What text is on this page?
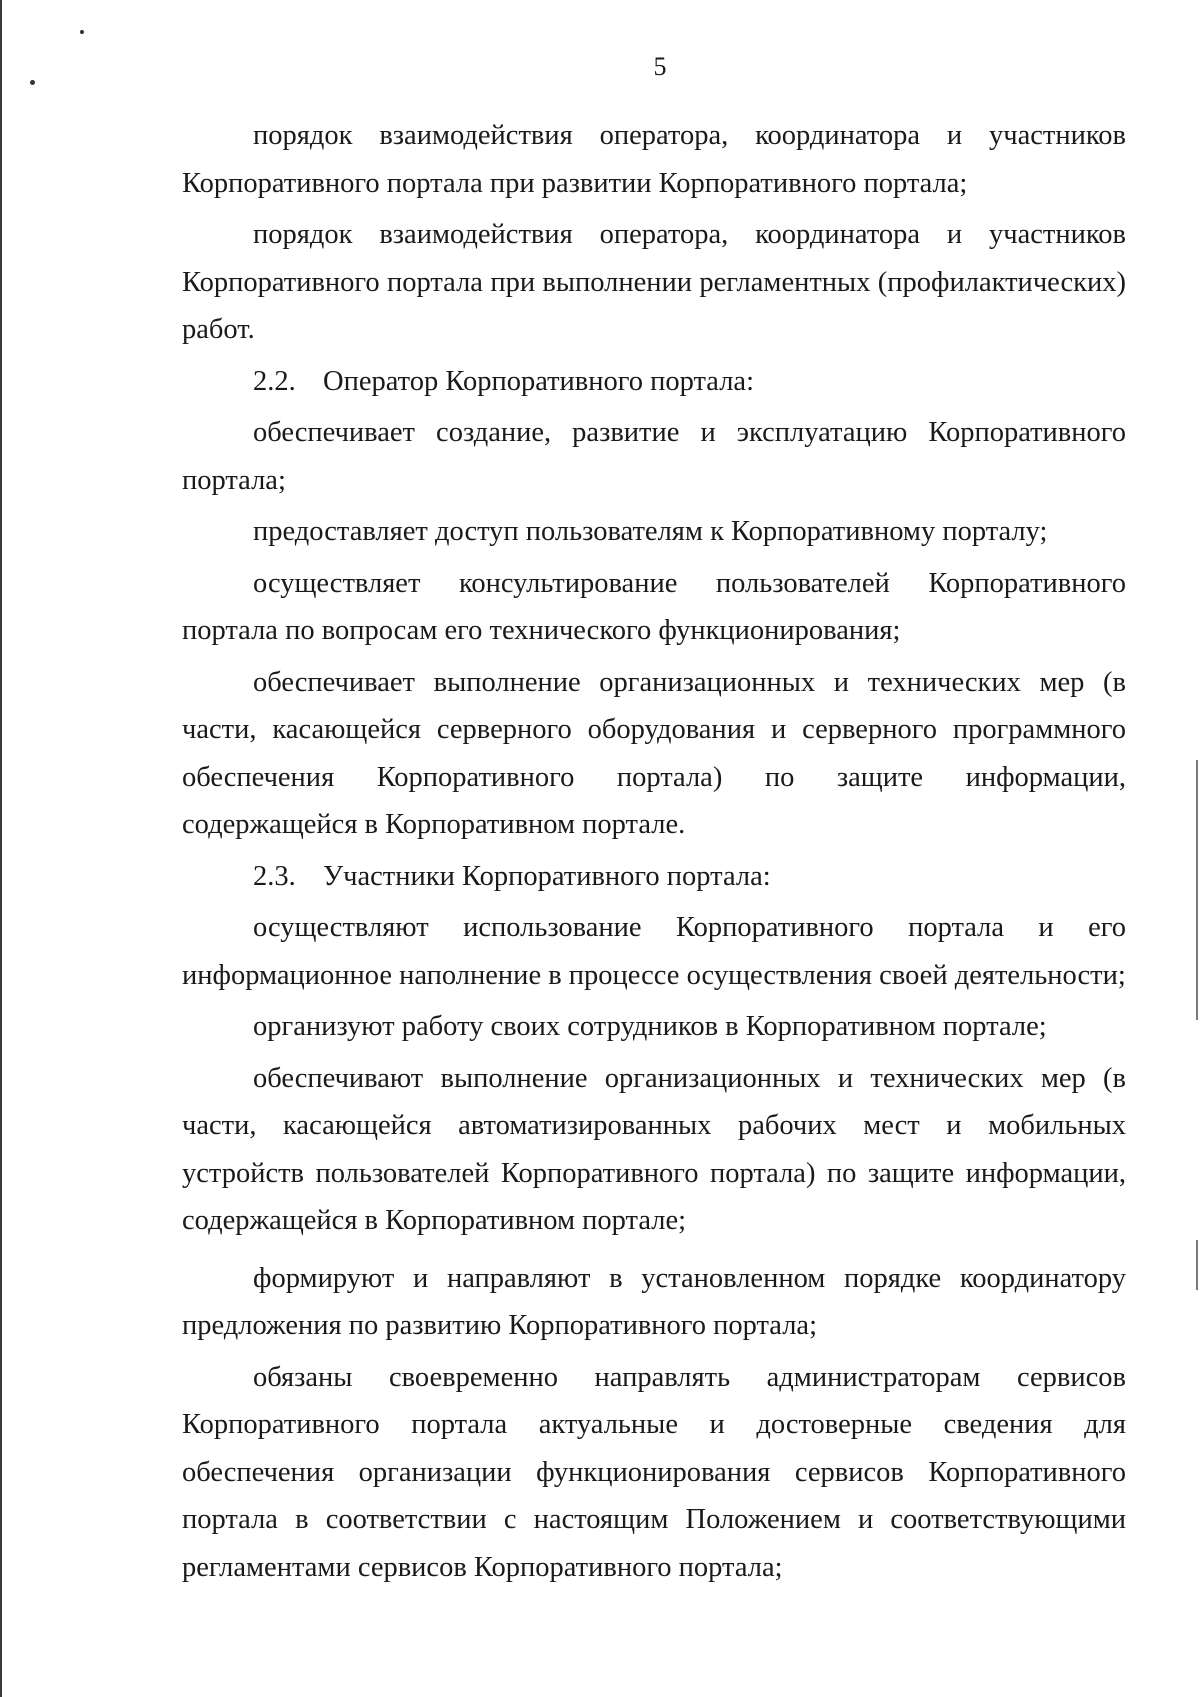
5

порядок взаимодействия оператора, координатора и участников Корпоративного портала при развитии Корпоративного портала;

порядок взаимодействия оператора, координатора и участников Корпоративного портала при выполнении регламентных (профилактических) работ.

2.2. Оператор Корпоративного портала:

обеспечивает создание, развитие и эксплуатацию Корпоративного портала;

предоставляет доступ пользователям к Корпоративному порталу;

осуществляет консультирование пользователей Корпоративного портала по вопросам его технического функционирования;

обеспечивает выполнение организационных и технических мер (в части, касающейся серверного оборудования и серверного программного обеспечения Корпоративного портала) по защите информации, содержащейся в Корпоративном портале.

2.3. Участники Корпоративного портала:

осуществляют использование Корпоративного портала и его информационное наполнение в процессе осуществления своей деятельности;

организуют работу своих сотрудников в Корпоративном портале;

обеспечивают выполнение организационных и технических мер (в части, касающейся автоматизированных рабочих мест и мобильных устройств пользователей Корпоративного портала) по защите информации, содержащейся в Корпоративном портале;

формируют и направляют в установленном порядке координатору предложения по развитию Корпоративного портала;

обязаны своевременно направлять администраторам сервисов Корпоративного портала актуальные и достоверные сведения для обеспечения организации функционирования сервисов Корпоративного портала в соответствии с настоящим Положением и соответствующими регламентами сервисов Корпоративного портала;
